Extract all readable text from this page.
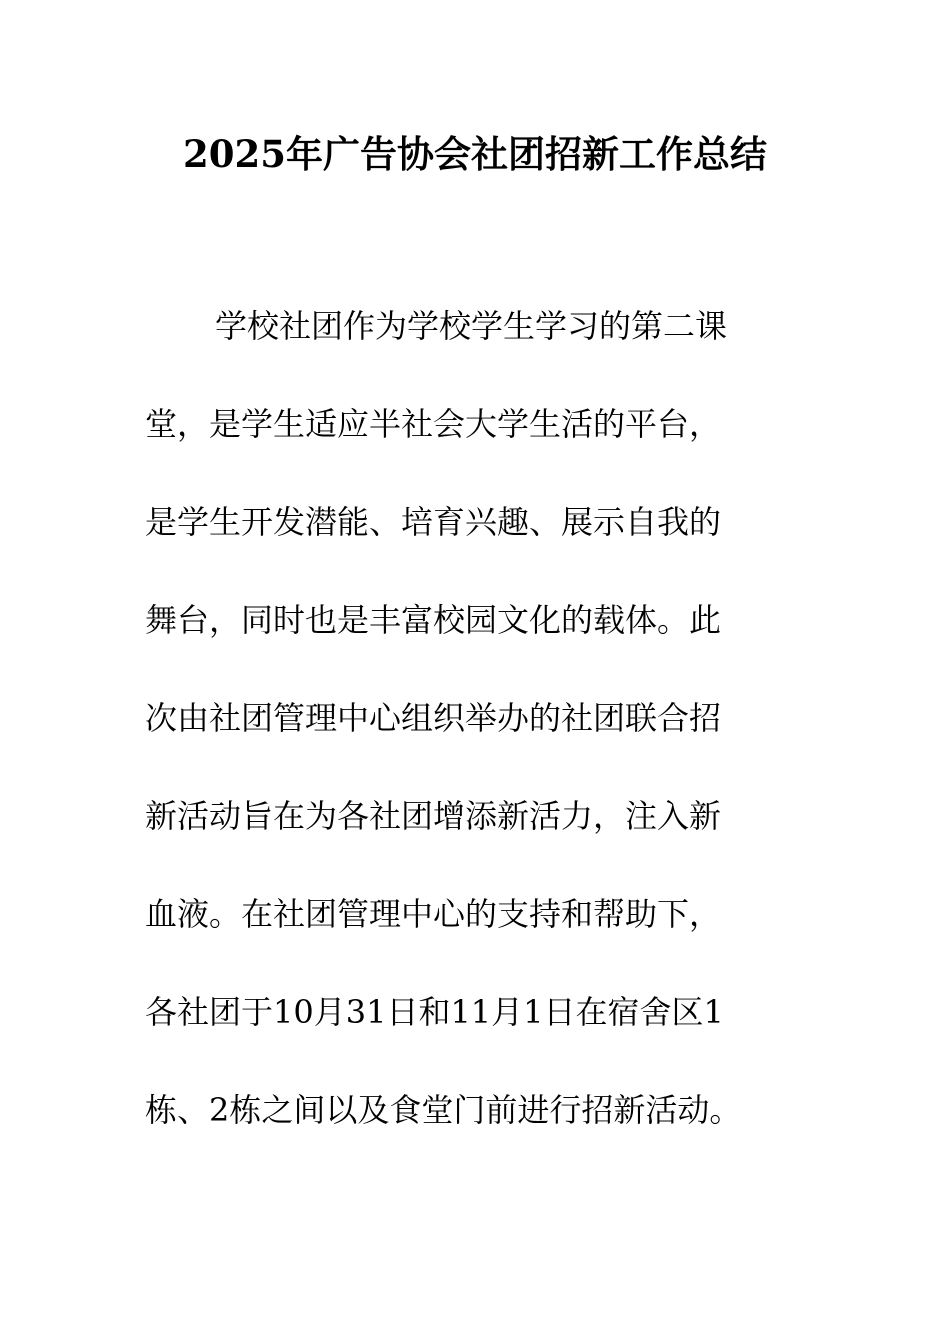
2025年广告协会社团招新工作总结
学校社团作为学校学生学习的第二课
堂，是学生适应半社会大学生活的平台，
是学生开发潜能、培育兴趣、展示自我的
舞台，同时也是丰富校园文化的载体。此
次由社团管理中心组织举办的社团联合招
新活动旨在为各社团增添新活力，注入新
血液。在社团管理中心的支持和帮助下，
各社团于10月31日和11月1日在宿舍区1
栋、2栋之间以及食堂门前进行招新活动。
